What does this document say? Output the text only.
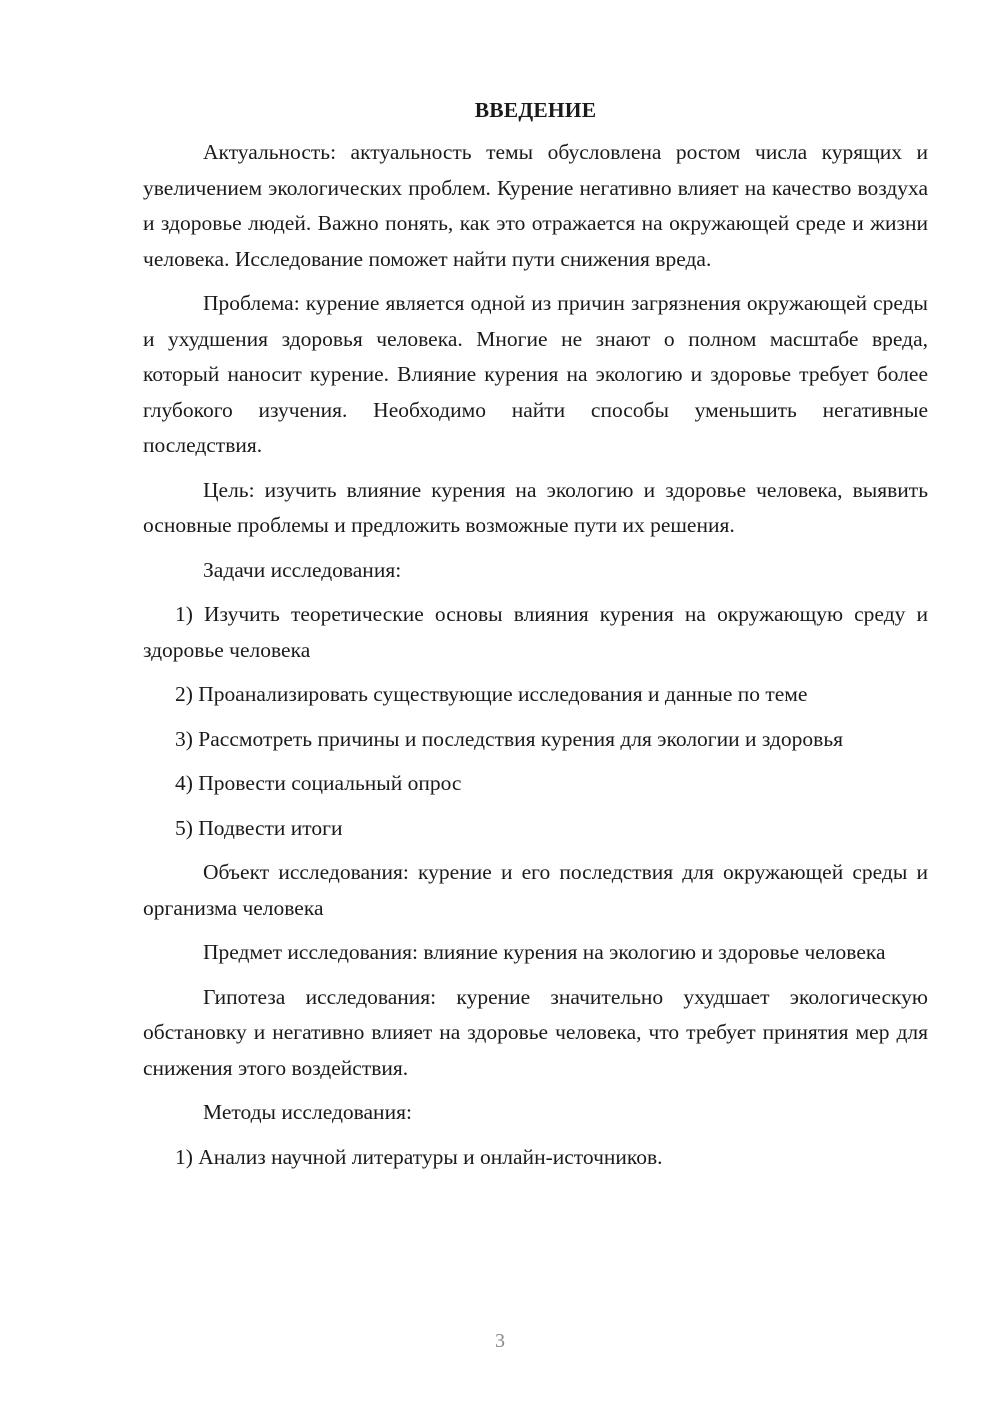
ВВЕДЕНИЕ

Актуальность: актуальность темы обусловлена ростом числа курящих и увеличением экологических проблем. Курение негативно влияет на качество воздуха и здоровье людей. Важно понять, как это отражается на окружающей среде и жизни человека. Исследование поможет найти пути снижения вреда.

Проблема: курение является одной из причин загрязнения окружающей среды и ухудшения здоровья человека. Многие не знают о полном масштабе вреда, который наносит курение. Влияние курения на экологию и здоровье требует более глубокого изучения. Необходимо найти способы уменьшить негативные последствия.

Цель: изучить влияние курения на экологию и здоровье человека, выявить основные проблемы и предложить возможные пути их решения.

Задачи исследования:

1) Изучить теоретические основы влияния курения на окружающую среду и здоровье человека

2) Проанализировать существующие исследования и данные по теме

3) Рассмотреть причины и последствия курения для экологии и здоровья

4) Провести социальный опрос

5) Подвести итоги

Объект исследования: курение и его последствия для окружающей среды и организма человека

Предмет исследования: влияние курения на экологию и здоровье человека

Гипотеза исследования: курение значительно ухудшает экологическую обстановку и негативно влияет на здоровье человека, что требует принятия мер для снижения этого воздействия.

Методы исследования:

1) Анализ научной литературы и онлайн-источников.

3
